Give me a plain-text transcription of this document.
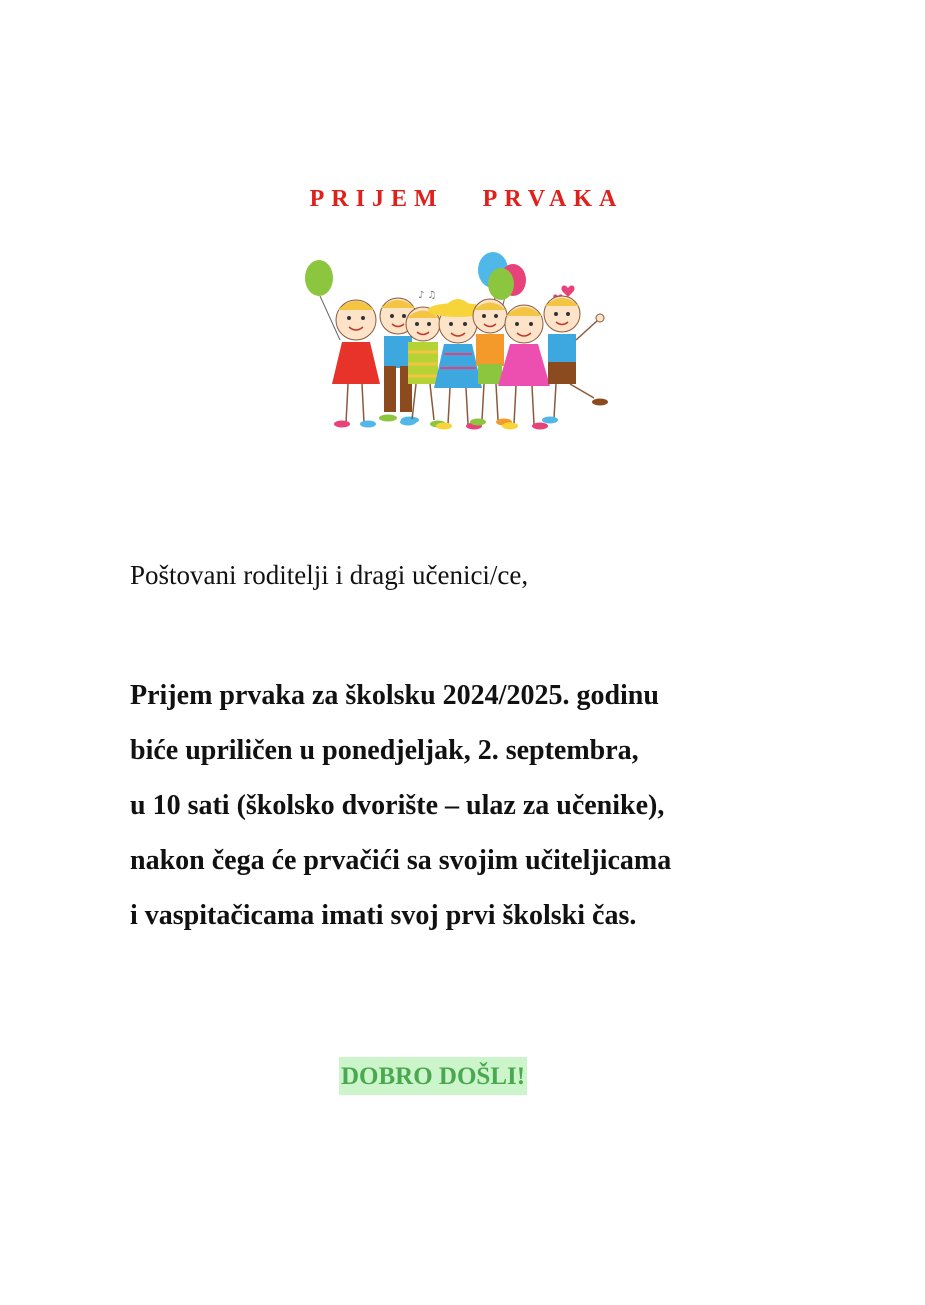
PRIJEM   PRVAKA
♪ ♫
Poštovani roditelji i dragi učenici/ce,
Prijem prvaka za školsku 2024/2025. godinu
biće upriličen u ponedjeljak, 2. septembra,
u 10 sati (školsko dvorište – ulaz za učenike),
nakon čega će prvačići sa svojim učiteljicama
i vaspitačicama imati svoj prvi školski čas.
DOBRO DOŠLI!
